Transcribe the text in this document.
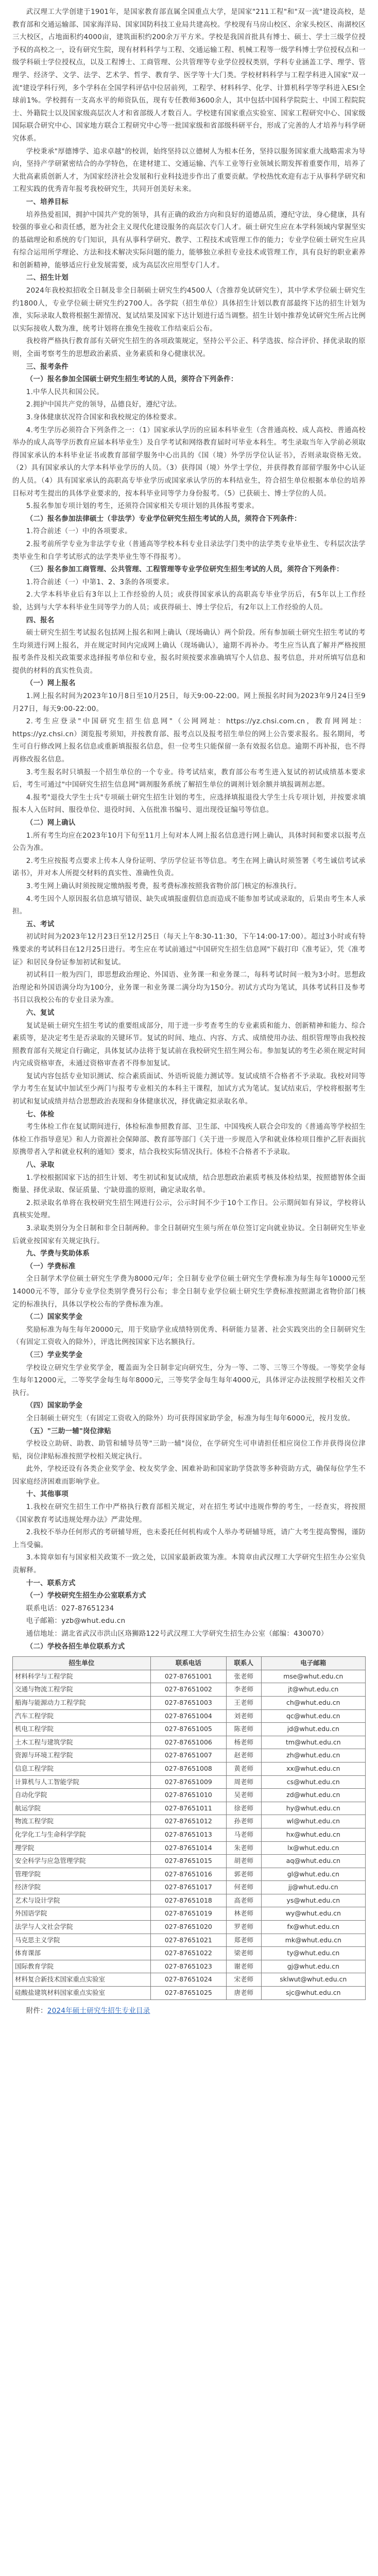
武汉理工大学创建于1901年，是国家教育部直属全国重点大学，是国家"211工程"和"双一流"建设高校，是教育部和交通运输部、国家海洋局、国家国防科技工业局共建高校。学校现有马房山校区、余家头校区、南湖校区三大校区，占地面积约4000亩，建筑面积约200余万平方米。学校是我国首批具有博士、硕士、学士三级学位授予权的高校之一，设有研究生院，现有材料科学与工程、交通运输工程、机械工程等一级学科博士学位授权点和一级学科硕士学位授权点，以及工程博士、工商管理、公共管理等专业学位授权类别，学科专业涵盖工学、理学、管理学、经济学、文学、法学、艺术学、哲学、教育学、医学等十大门类。学校材料科学与工程学科进入国家"双一流"建设学科行列，多个学科在全国学科评估中位居前列，工程学、材料科学、化学、计算机科学等学科进入ESI全球前1%。学校拥有一支高水平的师资队伍，现有专任教师3600余人，其中包括中国科学院院士、中国工程院院士、外籍院士以及国家级高层次人才和省部级人才数百人。学校建有国家重点实验室、国家工程研究中心、国家级国际联合研究中心、国家地方联合工程研究中心等一批国家级和省部级科研平台，形成了完善的人才培养与科学研究体系。

学校秉承"厚德博学、追求卓越"的校训，始终坚持以立德树人为根本任务，坚持以服务国家重大战略需求为导向，坚持产学研紧密结合的办学特色，在建材建工、交通运输、汽车工业等行业领域长期发挥着重要作用，培养了大批高素质创新人才，为国家经济社会发展和行业科技进步作出了重要贡献。学校热忱欢迎有志于从事科学研究和工程实践的优秀青年报考我校研究生，共同开创美好未来。

一、培养目标

培养热爱祖国，拥护中国共产党的领导，具有正确的政治方向和良好的道德品质，遵纪守法，身心健康，具有较强的事业心和责任感，愿为社会主义现代化建设服务的高层次专门人才。硕士研究生应在本学科领域内掌握坚实的基础理论和系统的专门知识，具有从事科学研究、教学、工程技术或管理工作的能力；专业学位硕士研究生应具有综合运用所学理论、方法和技术解决实际问题的能力，能够独立承担专业技术或管理工作，具有良好的职业素养和创新精神，能够适应行业发展需要，成为高层次应用型专门人才。

二、招生计划

2024年我校拟招收全日制及非全日制硕士研究生约4500人（含推荐免试研究生），其中学术学位硕士研究生约1800人，专业学位硕士研究生约2700人。各学院（招生单位）具体招生计划以教育部最终下达的招生计划为准，实际录取人数将根据生源情况、复试结果及国家下达计划进行适当调整。招生计划中推荐免试研究生所占比例以实际接收人数为准，统考计划将在推免生接收工作结束后公布。

我校将严格执行教育部有关研究生招生的各项政策规定，坚持公平公正、科学选拔、综合评价、择优录取的原则，全面考察考生的思想政治素质、业务素质和身心健康状况。

三、报考条件

（一）报名参加全国硕士研究生招生考试的人员，须符合下列条件：

1.中华人民共和国公民。

2.拥护中国共产党的领导，品德良好，遵纪守法。

3.身体健康状况符合国家和我校规定的体检要求。

4.考生学历必须符合下列条件之一：（1）国家承认学历的应届本科毕业生（含普通高校、成人高校、普通高校举办的成人高等学历教育应届本科毕业生）及自学考试和网络教育届时可毕业本科生。考生录取当年入学前必须取得国家承认的本科毕业证书或教育部留学服务中心出具的《国（境）外学历学位认证书》，否则录取资格无效。（2）具有国家承认的大学本科毕业学历的人员。（3）获得国（境）外学士学位，并获得教育部留学服务中心认证的人员。（4）具有国家承认的高职高专毕业学历或国家承认学历的本科结业生，符合招生单位根据本单位的培养目标对考生提出的具体学业要求的，按本科毕业同等学力身份报考。（5）已获硕士、博士学位的人员。

5.报名参加专项计划的考生，还须符合国家相关专项计划的具体报考要求。

（二）报名参加法律硕士（非法学）专业学位研究生招生考试的人员，须符合下列条件：

1.符合前述（一）中的各项要求。

2.报考前所学专业为非法学专业（普通高等学校本科专业目录法学门类中的法学类专业毕业生、专科层次法学类毕业生和自学考试形式的法学类毕业生等不得报考）。

（三）报名参加工商管理、公共管理、工程管理等专业学位研究生招生考试的人员，须符合下列条件：

1.符合前述（一）中第1、2、3条的各项要求。

2.大学本科毕业后有3年以上工作经验的人员；或获得国家承认的高职高专毕业学历后，有5年以上工作经验，达到与大学本科毕业生同等学力的人员；或获得硕士、博士学位后，有2年以上工作经验的人员。

四、报名

硕士研究生招生考试报名包括网上报名和网上确认（现场确认）两个阶段。所有参加硕士研究生招生考试的考生均须进行网上报名，并在规定时间内完成网上确认（现场确认），逾期不再补办。考生应当认真了解并严格按照报考条件及相关政策要求选择报考单位和专业，报名时须按要求准确填写个人信息、报考信息，并对所填写信息和提供的材料的真实性负责。

（一）网上报名

1.网上报名时间为2023年10月8日至10月25日，每天9:00-22:00。网上预报名时间为2023年9月24日至9月27日，每天9:00-22:00。

2.考生应登录"中国研究生招生信息网"（公网网址：https://yz.chsi.com.cn，教育网网址：https://yz.chsi.cn）浏览报考须知，并按教育部、报考点以及报考招生单位的网上公告要求报名。报名期间，考生可自行修改网上报名信息或重新填报报名信息，但一位考生只能保留一条有效报名信息。逾期不再补报，也不得再修改报名信息。

3.考生报名时只填报一个招生单位的一个专业。待考试结束，教育部公布考生进入复试的初试成绩基本要求后，考生可通过"中国研究生招生信息网"调剂服务系统了解招生单位的调剂计划余额并填报调剂志愿。

4.报考"退役大学生士兵"专项硕士研究生招生计划的考生，应选择填报退役大学生士兵专项计划，并按要求填报本人入伍时间、服役单位、退役时间、入伍批准书编号、退出现役证编号等信息。

（二）网上确认

1.所有考生均应在2023年10月下旬至11月上旬对本人网上报名信息进行网上确认，具体时间和要求以报考点公告为准。

2.考生应按报考点要求上传本人身份证明、学历学位证书等信息。考生在网上确认时须签署《考生诚信考试承诺书》，并对本人所提交材料的真实性、准确性负责。

3.考生网上确认时须按规定缴纳报考费，报考费标准按照我省物价部门核定的标准执行。

4.考生因个人原因报名信息填写错误、缺失或填报虚假信息而造成不能参加考试或录取的，后果由考生本人承担。

五、考试

初试时间为2023年12月23日至12月25日（每天上午8:30-11:30，下午14:00-17:00）。超过3小时或有特殊要求的考试科目在12月25日进行。考生应在考试前通过"中国研究生招生信息网"下载打印《准考证》，凭《准考证》和居民身份证参加初试和复试。

初试科目一般为四门，即思想政治理论、外国语、业务课一和业务课二，每科考试时间一般为3小时。思想政治理论和外国语满分均为100分，业务课一和业务课二满分均为150分。初试方式均为笔试，具体考试科目及参考书目以我校公布的专业目录为准。

六、复试

复试是硕士研究生招生考试的重要组成部分，用于进一步考查考生的专业素质和能力、创新精神和能力、综合素质等，是决定考生是否录取的关键环节。复试的时间、地点、内容、方式、成绩使用办法、组织管理等由我校按照教育部有关规定自行确定，具体复试办法将于复试前在我校研究生招生网公布。参加复试的考生必须在规定时间内完成资格审查，未通过资格审查者不得参加复试。

复试内容包括专业知识测试、综合素质面试、外语听说能力测试等。复试成绩不合格者不予录取。我校对同等学力考生在复试中加试至少两门与报考专业相关的本科主干课程，加试方式为笔试。复试结束后，学校将根据考生初试和复试成绩并结合思想政治表现和身体健康状况，择优确定拟录取名单。

七、体检

考生体检工作在复试期间进行，体检标准参照教育部、卫生部、中国残疾人联合会印发的《普通高等学校招生体检工作指导意见》和人力资源社会保障部、教育部等部门《关于进一步规范入学和就业体检项目维护乙肝表面抗原携带者入学和就业权利的通知》要求，结合我校实际情况执行。体检不合格者不予录取。

八、录取

1.学校根据国家下达的招生计划、考生初试和复试成绩，结合思想政治素质考核及体检结果，按照德智体全面衡量、择优录取、保证质量、宁缺毋滥的原则，确定录取名单。

2.拟录取名单将在我校研究生招生网进行公示，公示时间不少于10个工作日。公示期间如有异议，学校将认真核实处理。

3.录取类别分为全日制和非全日制两种。非全日制研究生须与所在单位签订定向就业协议。全日制研究生毕业后就业按国家有关规定执行。

九、学费与奖助体系

（一）学费标准

全日制学术学位硕士研究生学费为8000元/年；全日制专业学位硕士研究生学费标准为每生每年10000元至14000元不等，部分专业学位类别学费另行公布；非全日制专业学位硕士研究生学费标准按照湖北省物价部门核定的标准执行，具体以学校公布的学费标准为准。

（二）国家奖学金

奖励标准为每生每年20000元，用于奖励学业成绩特别优秀、科研能力显著、社会实践突出的全日制研究生（有固定工资收入的除外），评选比例按国家下达名额执行。

（三）学业奖学金

学校设立研究生学业奖学金，覆盖面为全日制非定向研究生，分为一等、二等、三等三个等级。一等奖学金每生每年12000元，二等奖学金每生每年8000元，三等奖学金每生每年4000元，具体评定办法按照学校相关文件执行。

（四）国家助学金

全日制硕士研究生（有固定工资收入的除外）均可获得国家助学金，标准为每生每年6000元，按月发放。

（五）"三助一辅"岗位津贴

学校设立助研、助教、助管和辅导员等"三助一辅"岗位，在学研究生可申请担任相应岗位工作并获得岗位津贴，岗位津贴标准按照学校相关规定执行。

此外，学校还设有各类企业奖学金、校友奖学金、困难补助和国家助学贷款等多种资助方式，确保每位学生不因家庭经济困难而影响学业。

十、其他事项

1.我校在研究生招生工作中严格执行教育部相关规定，对在招生考试中违规作弊的考生，一经查实，将按照《国家教育考试违规处理办法》严肃处理。

2.我校不举办任何形式的考研辅导班，也未委托任何机构或个人举办考研辅导班，请广大考生提高警惕，谨防上当受骗。

3.本简章如有与国家相关政策不一致之处，以国家最新政策为准。本简章由武汉理工大学研究生招生办公室负责解释。

十一、联系方式

（一）学校研究生招生办公室联系方式

联系电话：027-87651234

电子邮箱：yzb@whut.edu.cn

通信地址：湖北省武汉市洪山区珞狮路122号武汉理工大学研究生招生办公室（邮编：430070）

（二）学校各招生单位联系方式

招生单位	联系电话	联系人	电子邮箱
材料科学与工程学院	027-87651001	张老师	mse@whut.edu.cn
交通与物流工程学院	027-87651002	李老师	jt@whut.edu.cn
船海与能源动力工程学院	027-87651003	王老师	ch@whut.edu.cn
汽车工程学院	027-87651004	刘老师	qc@whut.edu.cn
机电工程学院	027-87651005	陈老师	jd@whut.edu.cn
土木工程与建筑学院	027-87651006	杨老师	tm@whut.edu.cn
资源与环境工程学院	027-87651007	赵老师	zh@whut.edu.cn
信息工程学院	027-87651008	黄老师	xx@whut.edu.cn
计算机与人工智能学院	027-87651009	周老师	cs@whut.edu.cn
自动化学院	027-87651010	吴老师	zd@whut.edu.cn
航运学院	027-87651011	徐老师	hy@whut.edu.cn
物流工程学院	027-87651012	孙老师	wl@whut.edu.cn
化学化工与生命科学学院	027-87651013	马老师	hx@whut.edu.cn
理学院	027-87651014	朱老师	lx@whut.edu.cn
安全科学与应急管理学院	027-87651015	胡老师	aq@whut.edu.cn
管理学院	027-87651016	郭老师	gl@whut.edu.cn
经济学院	027-87651017	何老师	jj@whut.edu.cn
艺术与设计学院	027-87651018	高老师	ys@whut.edu.cn
外国语学院	027-87651019	林老师	wy@whut.edu.cn
法学与人文社会学院	027-87651020	罗老师	fx@whut.edu.cn
马克思主义学院	027-87651021	郑老师	mk@whut.edu.cn
体育课部	027-87651022	梁老师	ty@whut.edu.cn
国际教育学院	027-87651023	谢老师	gj@whut.edu.cn
材料复合新技术国家重点实验室	027-87651024	宋老师	sklwut@whut.edu.cn
硅酸盐建筑材料国家重点实验室	027-87651025	唐老师	sjc@whut.edu.cn

附件：2024年硕士研究生招生专业目录
